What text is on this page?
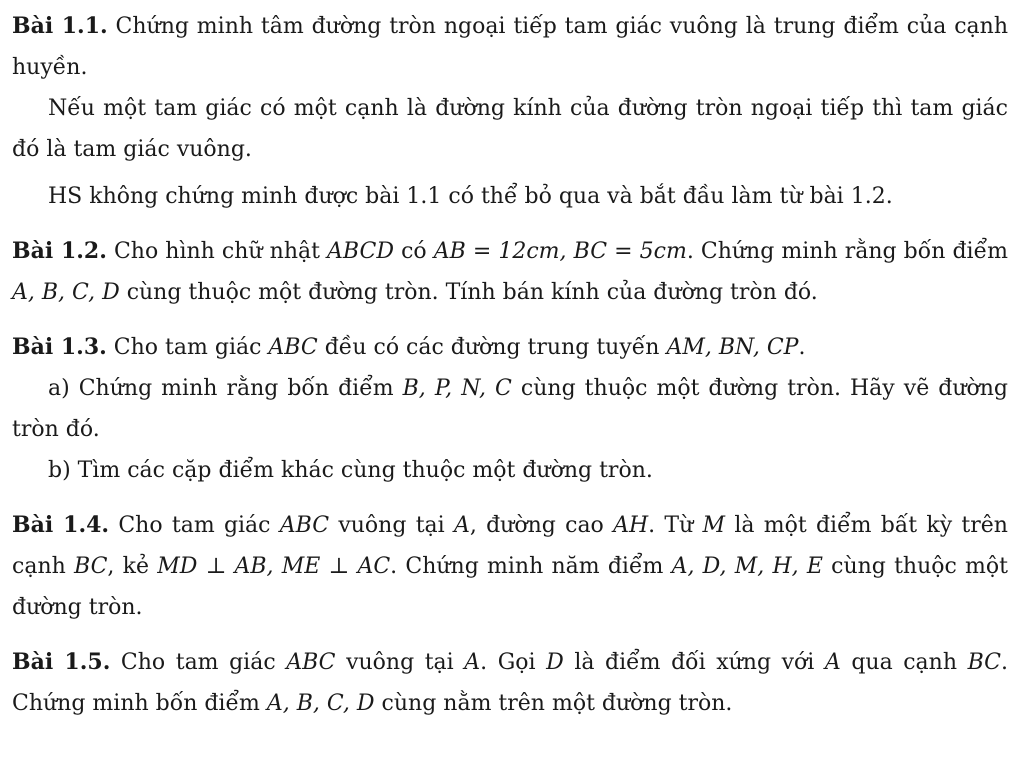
Bài 1.1. Chứng minh tâm đường tròn ngoại tiếp tam giác vuông là trung điểm của cạnh huyền.

Nếu một tam giác có một cạnh là đường kính của đường tròn ngoại tiếp thì tam giác đó là tam giác vuông.

HS không chứng minh được bài 1.1 có thể bỏ qua và bắt đầu làm từ bài 1.2.

Bài 1.2. Cho hình chữ nhật ABCD có AB = 12cm, BC = 5cm. Chứng minh rằng bốn điểm A, B, C, D cùng thuộc một đường tròn. Tính bán kính của đường tròn đó.

Bài 1.3. Cho tam giác ABC đều có các đường trung tuyến AM, BN, CP.

a) Chứng minh rằng bốn điểm B, P, N, C cùng thuộc một đường tròn. Hãy vẽ đường tròn đó.

b) Tìm các cặp điểm khác cùng thuộc một đường tròn.

Bài 1.4. Cho tam giác ABC vuông tại A, đường cao AH. Từ M là một điểm bất kỳ trên cạnh BC, kẻ MD ⊥ AB, ME ⊥ AC. Chứng minh năm điểm A, D, M, H, E cùng thuộc một đường tròn.

Bài 1.5. Cho tam giác ABC vuông tại A. Gọi D là điểm đối xứng với A qua cạnh BC. Chứng minh bốn điểm A, B, C, D cùng nằm trên một đường tròn.
